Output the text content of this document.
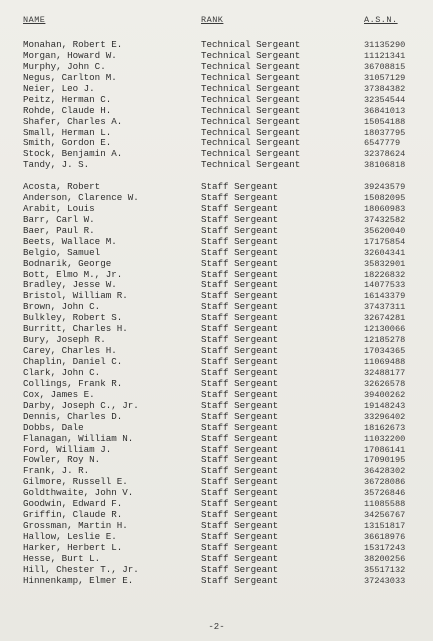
NAME	RANK	A.S.N.
Monahan, Robert E.	Technical Sergeant	31135290
Morgan, Howard W.	Technical Sergeant	11121341
Murphy, John C.	Technical Sergeant	36708815
Negus, Carlton M.	Technical Sergeant	31057129
Neier, Leo J.	Technical Sergeant	37384382
Peitz, Herman C.	Technical Sergeant	32354544
Rohde, Claude H.	Technical Sergeant	36841013
Shafer, Charles A.	Technical Sergeant	15054188
Small, Herman L.	Technical Sergeant	18037795
Smith, Gordon E.	Technical Sergeant	6547779
Stock, Benjamin A.	Technical Sergeant	32378624
Tandy, J. S.	Technical Sergeant	38106818
Acosta, Robert	Staff Sergeant	39243579
Anderson, Clarence W.	Staff Sergeant	15082095
Arabit, Louis	Staff Sergeant	18060983
Barr, Carl W.	Staff Sergeant	37432582
Baer, Paul R.	Staff Sergeant	35620040
Beets, Wallace M.	Staff Sergeant	17175854
Belgio, Samuel	Staff Sergeant	32604341
Bodnarik, George	Staff Sergeant	35832901
Bott, Elmo M., Jr.	Staff Sergeant	18226832
Bradley, Jesse W.	Staff Sergeant	14077533
Bristol, William R.	Staff Sergeant	16143379
Brown, John C.	Staff Sergeant	37437311
Bulkley, Robert S.	Staff Sergeant	32674281
Burritt, Charles H.	Staff Sergeant	12130066
Bury, Joseph R.	Staff Sergeant	12185278
Carey, Charles H.	Staff Sergeant	17034365
Chaplin, Daniel C.	Staff Sergeant	11069488
Clark, John C.	Staff Sergeant	32488177
Collings, Frank R.	Staff Sergeant	32626578
Cox, James E.	Staff Sergeant	39400262
Darby, Joseph C., Jr.	Staff Sergeant	19148243
Dennis, Charles D.	Staff Sergeant	33296402
Dobbs, Dale	Staff Sergeant	18162673
Flanagan, William N.	Staff Sergeant	11032200
Ford, William J.	Staff Sergeant	17086141
Fowler, Roy N.	Staff Sergeant	17090195
Frank, J. R.	Staff Sergeant	36428302
Gilmore, Russell E.	Staff Sergeant	36728086
Goldthwaite, John V.	Staff Sergeant	35726846
Goodwin, Edward F.	Staff Sergeant	11085588
Griffin, Claude R.	Staff Sergeant	34256767
Grossman, Martin H.	Staff Sergeant	13151817
Hallow, Leslie E.	Staff Sergeant	36618976
Harker, Herbert L.	Staff Sergeant	15317243
Hesse, Burt L.	Staff Sergeant	38200256
Hill, Chester T., Jr.	Staff Sergeant	35517132
Hinnenkamp, Elmer E.	Staff Sergeant	37243033
-2-
